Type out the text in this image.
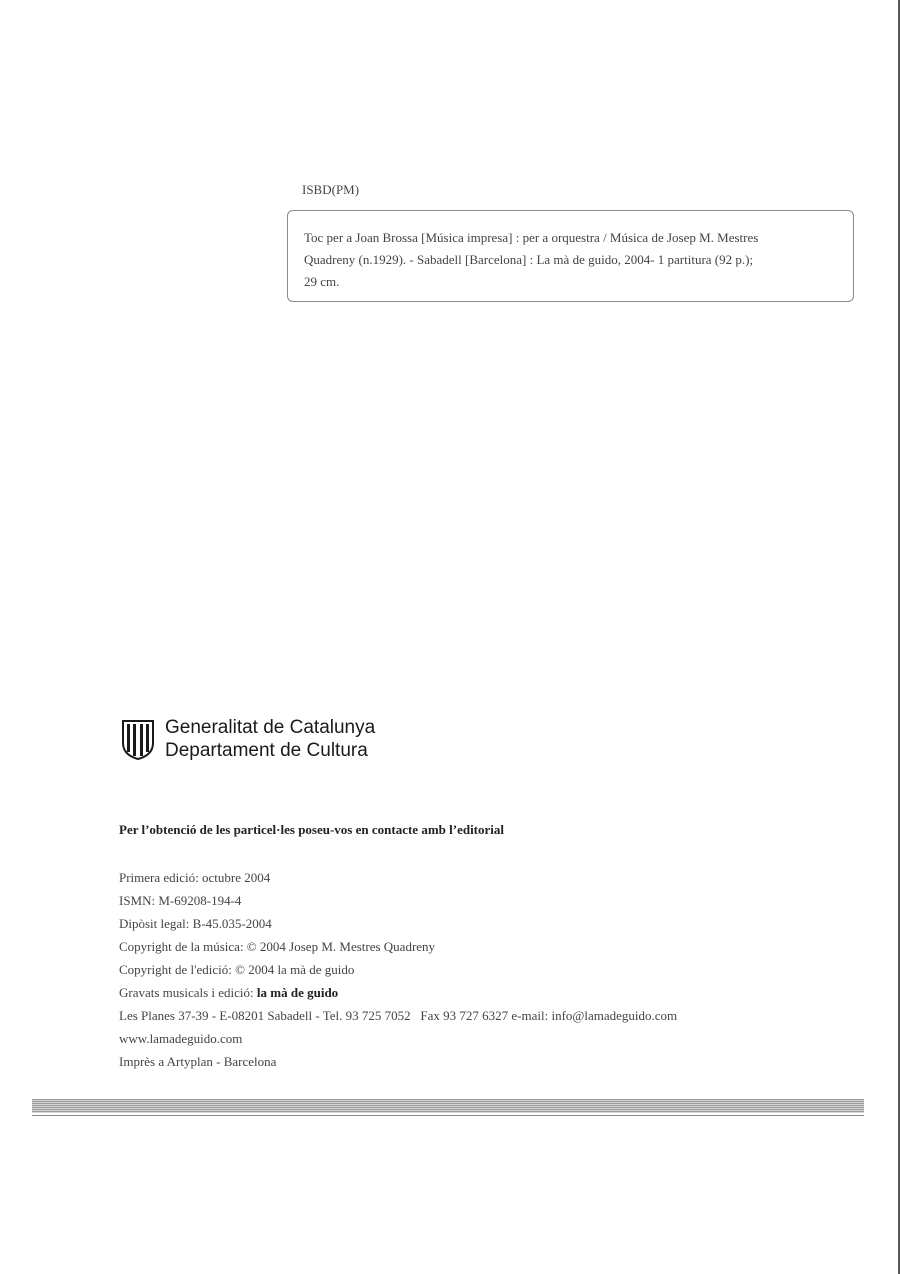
ISBD(PM)
Toc per a Joan Brossa [Música impresa] : per a orquestra / Música de Josep M. Mestres
Quadreny (n.1929). - Sabadell [Barcelona] : La mà de guido, 2004- 1 partitura (92 p.);
29 cm.
Generalitat de Catalunya
Departament de Cultura
Per l’obtenció de les particel·les poseu-vos en contacte amb l’editorial
Primera edició: octubre 2004
ISMN: M-69208-194-4
Dipòsit legal: B-45.035-2004
Copyright de la música: © 2004 Josep M. Mestres Quadreny
Copyright de l'edició: © 2004 la mà de guido
Gravats musicals i edició: la mà de guido
Les Planes 37-39 - E-08201 Sabadell - Tel. 93 725 7052   Fax 93 727 6327 e-mail: info@lamadeguido.com
www.lamadeguido.com
Imprès a Artyplan - Barcelona
